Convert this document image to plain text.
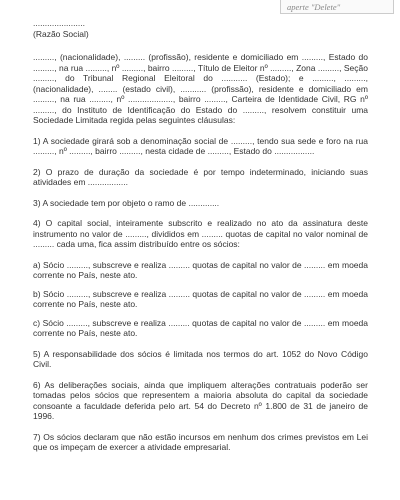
aperte "Delete"

......................

(Razão Social)

........., (nacionalidade), ......... (profissão), residente e domiciliado em ........., Estado do ........., na rua ........., nº ........., bairro ........., Título de Eleitor nº ........., Zona ........., Seção ........., do Tribunal Regional Eleitoral do ........... (Estado); e ........., ........., (nacionalidade), ........ (estado civil), ........... (profissão), residente e domiciliado em ........., na rua ........., nº ..................., bairro ........., Carteira de Identidade Civil, RG nº ........., do Instituto de Identificação do Estado do ........., resolvem constituir uma Sociedade Limitada regida pelas seguintes cláusulas:

1) A sociedade girará sob a denominação social de ........., tendo sua sede e foro na rua ........., nº ........., bairro ........., nesta cidade de ........., Estado do .................

2) O prazo de duração da sociedade é por tempo indeterminado, iniciando suas atividades em .................

3) A sociedade tem por objeto o ramo de .............

4) O capital social, inteiramente subscrito e realizado no ato da assinatura deste instrumento no valor de ........., divididos em ......... quotas de capital no valor nominal de ......... cada uma, fica assim distribuído entre os sócios:

a) Sócio ........., subscreve e realiza ......... quotas de capital no valor de ......... em moeda corrente no País, neste ato.

b) Sócio ........., subscreve e realiza ......... quotas de capital no valor de ......... em moeda corrente no País, neste ato.

c) Sócio ........., subscreve e realiza ......... quotas de capital no valor de ......... em moeda corrente no País, neste ato.

5) A responsabilidade dos sócios é limitada nos termos do art. 1052 do Novo Código Civil.

6) As deliberações sociais, ainda que impliquem alterações contratuais poderão ser tomadas pelos sócios que representem a maioria absoluta do capital da sociedade consoante a faculdade deferida pelo art. 54 do Decreto nº 1.800 de 31 de janeiro de 1996.

7) Os sócios declaram que não estão incursos em nenhum dos crimes previstos em Lei que os impeçam de exercer a atividade empresarial.
